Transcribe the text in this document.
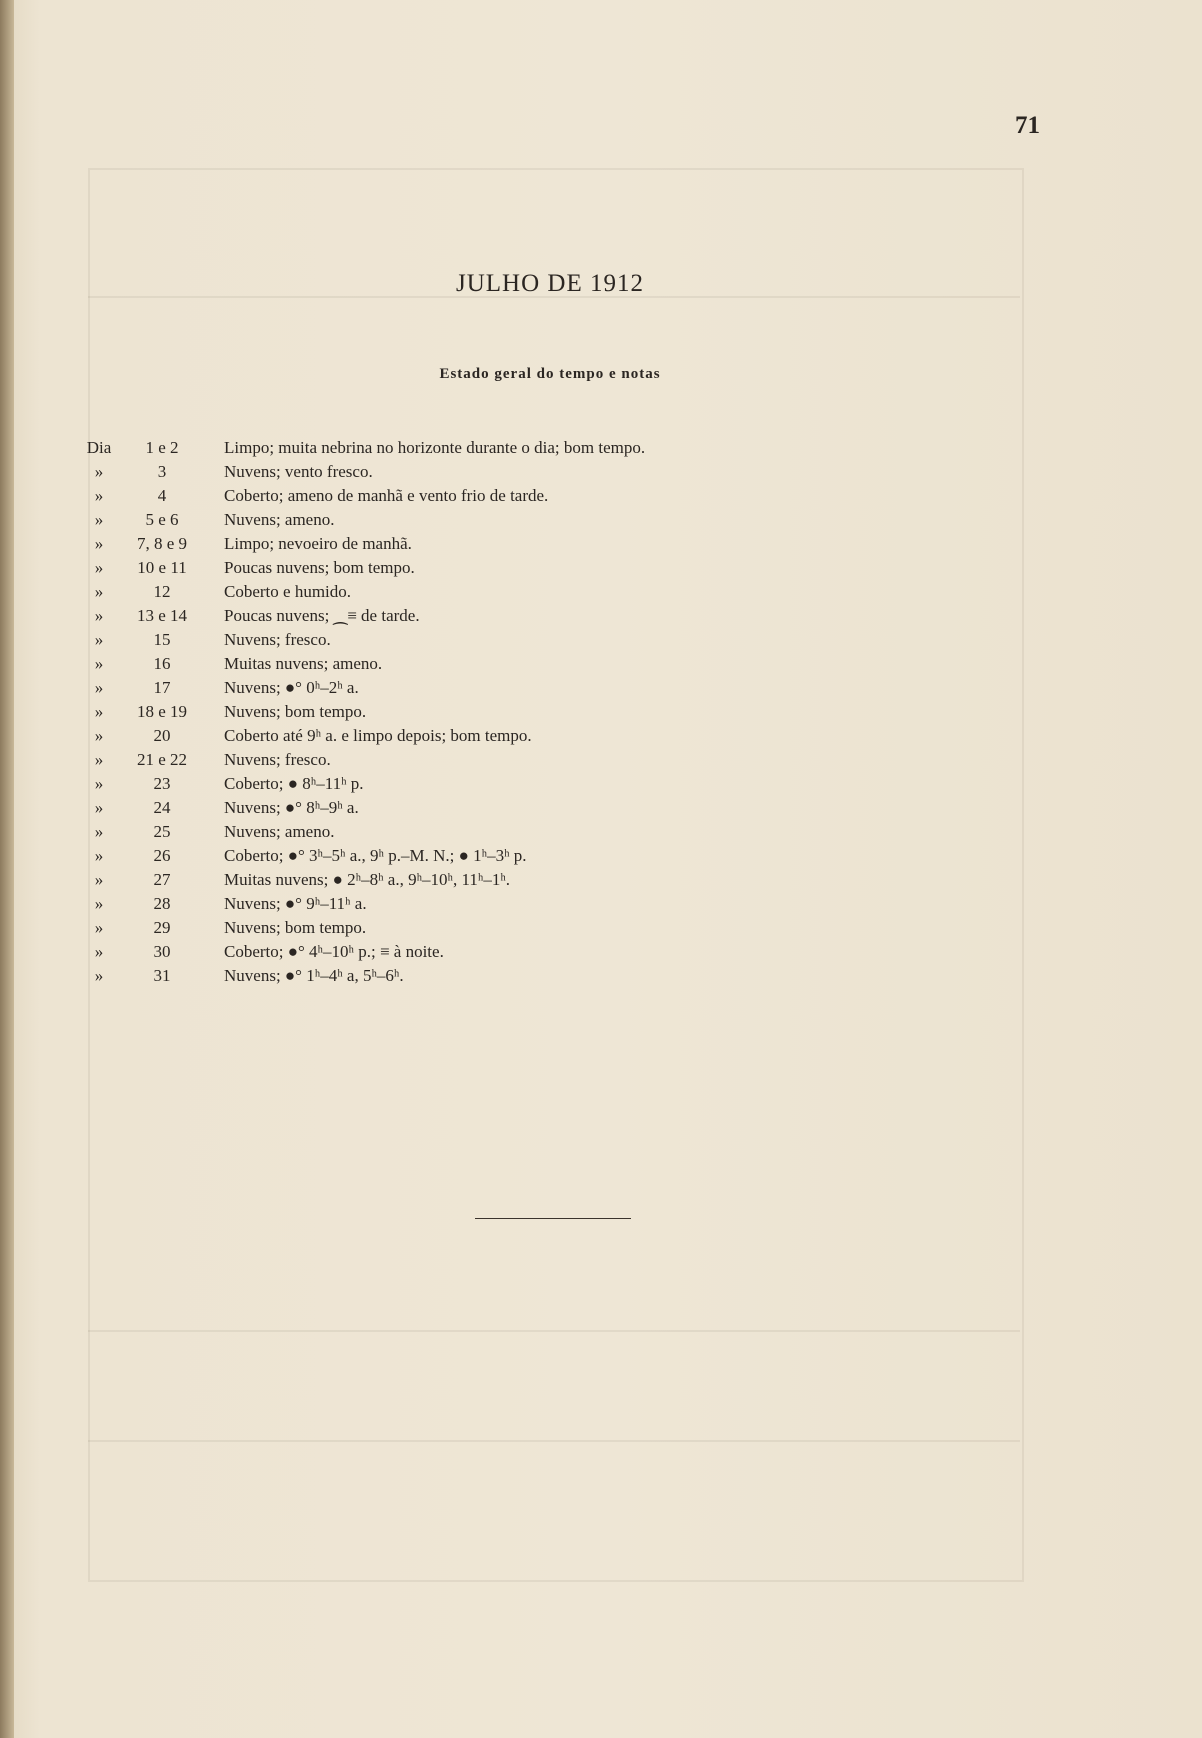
71
JULHO DE 1912
Estado geral do tempo e notas
Dia	1 e 2	Limpo; muita nebrina no horizonte durante o dia; bom tempo.
»	3	Nuvens; vento fresco.
»	4	Coberto; ameno de manhã e vento frio de tarde.
»	5 e 6	Nuvens; ameno.
»	7, 8 e 9	Limpo; nevoeiro de manhã.
»	10 e 11	Poucas nuvens; bom tempo.
»	12	Coberto e humido.
»	13 e 14	Poucas nuvens; ⁔≡ de tarde.
»	15	Nuvens; fresco.
»	16	Muitas nuvens; ameno.
»	17	Nuvens; ●° 0ʰ–2ʰ a.
»	18 e 19	Nuvens; bom tempo.
»	20	Coberto até 9ʰ a. e limpo depois; bom tempo.
»	21 e 22	Nuvens; fresco.
»	23	Coberto; ● 8ʰ–11ʰ p.
»	24	Nuvens; ●° 8ʰ–9ʰ a.
»	25	Nuvens; ameno.
»	26	Coberto; ●° 3ʰ–5ʰ a., 9ʰ p.–M. N.; ● 1ʰ–3ʰ p.
»	27	Muitas nuvens; ● 2ʰ–8ʰ a., 9ʰ–10ʰ, 11ʰ–1ʰ.
»	28	Nuvens; ●° 9ʰ–11ʰ a.
»	29	Nuvens; bom tempo.
»	30	Coberto; ●° 4ʰ–10ʰ p.; ≡ à noite.
»	31	Nuvens; ●° 1ʰ–4ʰ a, 5ʰ–6ʰ.
